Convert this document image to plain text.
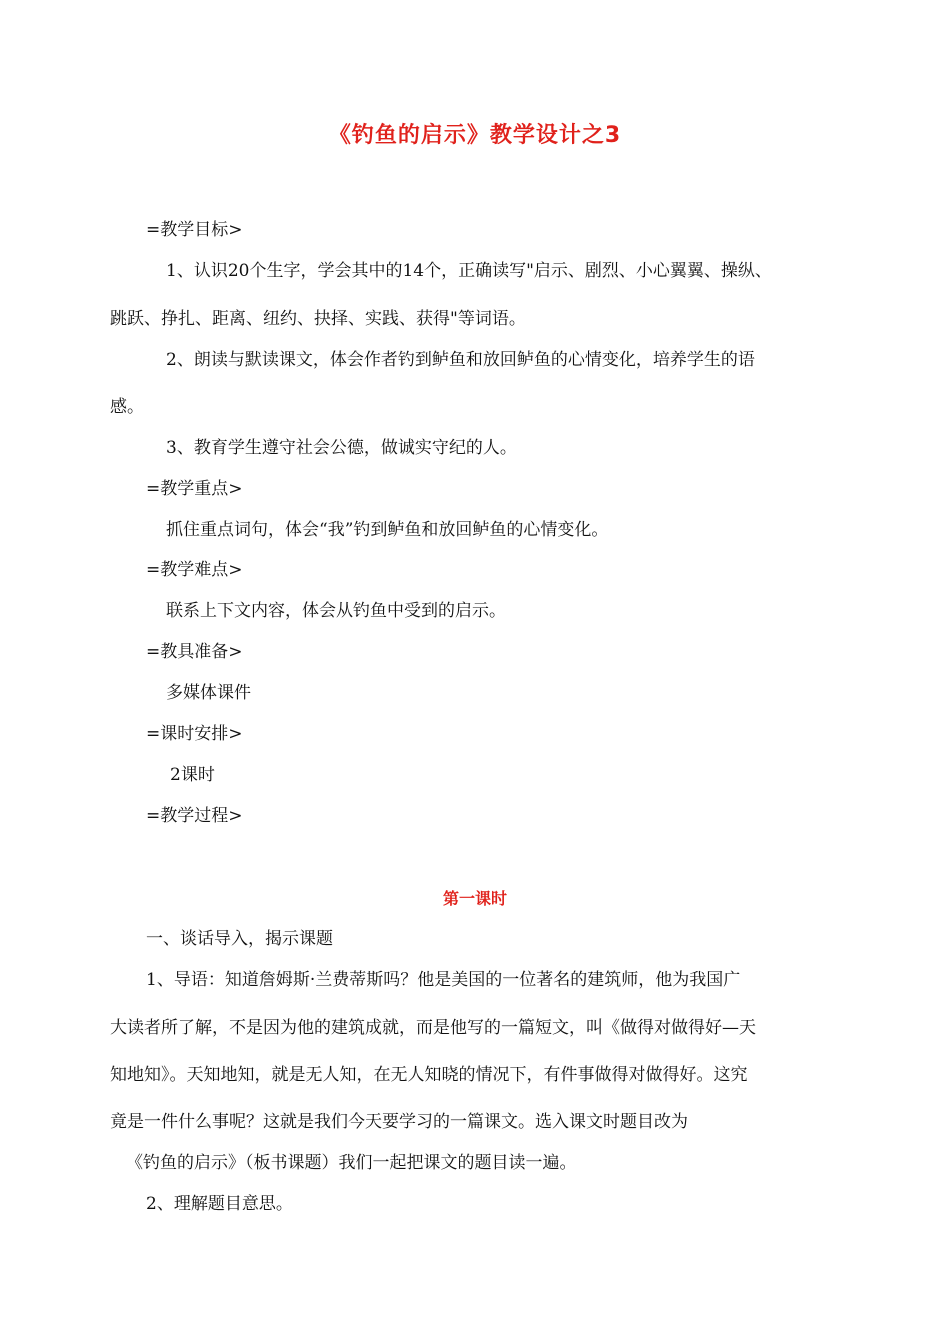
《钓鱼的启示》教学设计之3
=教学目标>
1、认识20个生字，学会其中的14个，正确读写"启示、剧烈、小心翼翼、操纵、
跳跃、挣扎、距离、纽约、抉择、实践、获得"等词语。
2、朗读与默读课文，体会作者钓到鲈鱼和放回鲈鱼的心情变化，培养学生的语
感。
3、教育学生遵守社会公德，做诚实守纪的人。
=教学重点>
抓住重点词句，体会“我”钓到鲈鱼和放回鲈鱼的心情变化。
=教学难点>
联系上下文内容，体会从钓鱼中受到的启示。
=教具准备>
多媒体课件
=课时安排>
2课时
=教学过程>
第一课时
一、谈话导入，揭示课题
1、导语：知道詹姆斯·兰费蒂斯吗？他是美国的一位著名的建筑师，他为我国广
大读者所了解，不是因为他的建筑成就，而是他写的一篇短文，叫《做得对做得好—天
知地知》。天知地知，就是无人知，在无人知晓的情况下，有件事做得对做得好。这究
竟是一件什么事呢？这就是我们今天要学习的一篇课文。选入课文时题目改为
《钓鱼的启示》（板书课题）我们一起把课文的题目读一遍。
2、理解题目意思。
